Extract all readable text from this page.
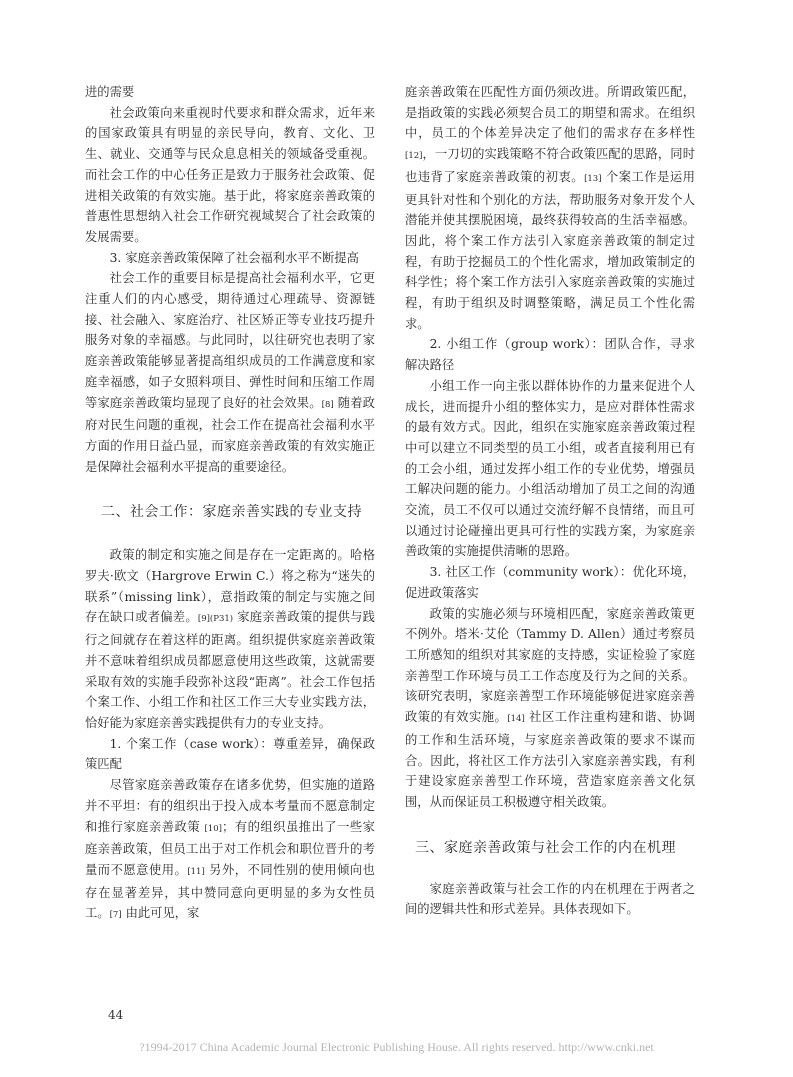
进的需要

社会政策向来重视时代要求和群众需求，近年来的国家政策具有明显的亲民导向，教育、文化、卫生、就业、交通等与民众息息相关的领域备受重视。而社会工作的中心任务正是致力于服务社会政策、促进相关政策的有效实施。基于此，将家庭亲善政策的普惠性思想纳入社会工作研究视域契合了社会政策的发展需要。

3. 家庭亲善政策保障了社会福利水平不断提高

社会工作的重要目标是提高社会福利水平，它更注重人们的内心感受，期待通过心理疏导、资源链接、社会融入、家庭治疗、社区矫正等专业技巧提升服务对象的幸福感。与此同时，以往研究也表明了家庭亲善政策能够显著提高组织成员的工作满意度和家庭幸福感，如子女照料项目、弹性时间和压缩工作周等家庭亲善政策均显现了良好的社会效果。[8] 随着政府对民生问题的重视，社会工作在提高社会福利水平方面的作用日益凸显，而家庭亲善政策的有效实施正是保障社会福利水平提高的重要途径。

二、社会工作：家庭亲善实践的专业支持

政策的制定和实施之间是存在一定距离的。哈格罗夫·欧文（Hargrove Erwin C.）将之称为“迷失的联系”（missing link），意指政策的制定与实施之间存在缺口或者偏差。[9](P31) 家庭亲善政策的提供与践行之间就存在着这样的距离。组织提供家庭亲善政策并不意味着组织成员都愿意使用这些政策，这就需要采取有效的实施手段弥补这段“距离”。社会工作包括个案工作、小组工作和社区工作三大专业实践方法，恰好能为家庭亲善实践提供有力的专业支持。

1. 个案工作（case work）：尊重差异，确保政策匹配

尽管家庭亲善政策存在诸多优势，但实施的道路并不平坦：有的组织出于投入成本考量而不愿意制定和推行家庭亲善政策 [10]；有的组织虽推出了一些家庭亲善政策，但员工出于对工作机会和职位晋升的考量而不愿意使用。[11] 另外，不同性别的使用倾向也存在显著差异，其中赞同意向更明显的多为女性员工。[7] 由此可见，家

庭亲善政策在匹配性方面仍须改进。所谓政策匹配，是指政策的实践必须契合员工的期望和需求。在组织中，员工的个体差异决定了他们的需求存在多样性 [12]，一刀切的实践策略不符合政策匹配的思路，同时也违背了家庭亲善政策的初衷。[13] 个案工作是运用更具针对性和个别化的方法，帮助服务对象开发个人潜能并使其摆脱困境，最终获得较高的生活幸福感。因此，将个案工作方法引入家庭亲善政策的制定过程，有助于挖掘员工的个性化需求，增加政策制定的科学性；将个案工作方法引入家庭亲善政策的实施过程，有助于组织及时调整策略，满足员工个性化需求。

2. 小组工作（group work）：团队合作，寻求解决路径

小组工作一向主张以群体协作的力量来促进个人成长，进而提升小组的整体实力，是应对群体性需求的最有效方式。因此，组织在实施家庭亲善政策过程中可以建立不同类型的员工小组，或者直接利用已有的工会小组，通过发挥小组工作的专业优势，增强员工解决问题的能力。小组活动增加了员工之间的沟通交流，员工不仅可以通过交流纾解不良情绪，而且可以通过讨论碰撞出更具可行性的实践方案，为家庭亲善政策的实施提供清晰的思路。

3. 社区工作（community work）：优化环境，促进政策落实

政策的实施必须与环境相匹配，家庭亲善政策更不例外。塔米·艾伦（Tammy D. Allen）通过考察员工所感知的组织对其家庭的支持感，实证检验了家庭亲善型工作环境与员工工作态度及行为之间的关系。该研究表明，家庭亲善型工作环境能够促进家庭亲善政策的有效实施。[14] 社区工作注重构建和谐、协调的工作和生活环境，与家庭亲善政策的要求不谋而合。因此，将社区工作方法引入家庭亲善实践，有利于建设家庭亲善型工作环境，营造家庭亲善文化氛围，从而保证员工积极遵守相关政策。

三、家庭亲善政策与社会工作的内在机理

家庭亲善政策与社会工作的内在机理在于两者之间的逻辑共性和形式差异。具体表现如下。

44
?1994-2017 China Academic Journal Electronic Publishing House. All rights reserved. http://www.cnki.net
